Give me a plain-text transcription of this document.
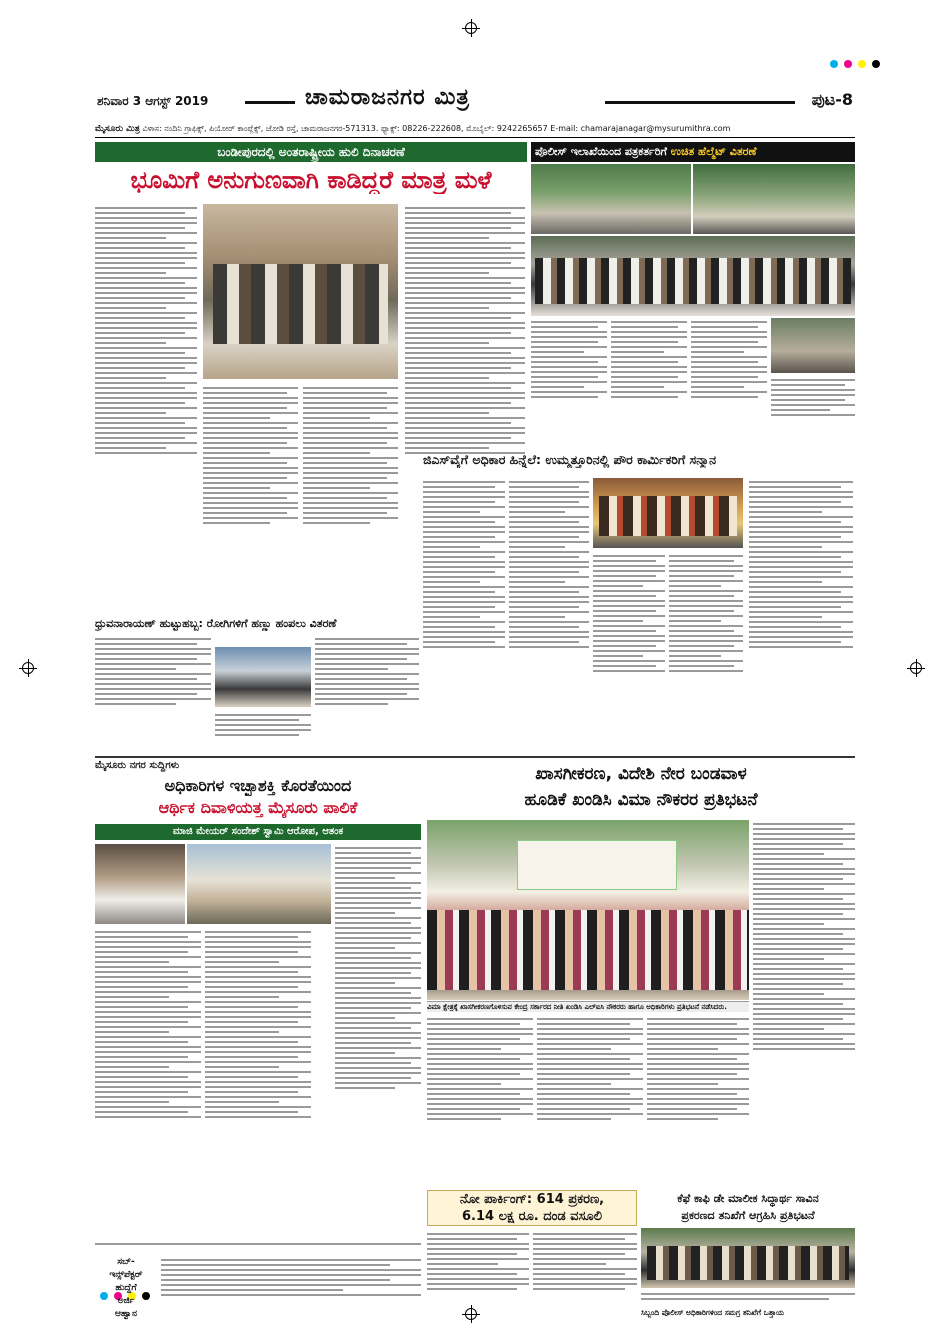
ಶನಿವಾರ 3 ಆಗಸ್ಟ್ 2019	ಚಾಮರಾಜನಗರ ಮಿತ್ರ	ಪುಟ-8
ಮೈಸೂರು ಮಿತ್ರ ವಿಳಾಸ: ನಂದಿನಿ ಗ್ರಾಫಿಕ್ಸ್, ಪಿಯೋರ್ ಕಾಂಪ್ಲೆಕ್ಸ್, ಜೋಡಿ ರಸ್ತೆ, ಚಾಮರಾಜನಗರ-571313. ಫ್ಯಾಕ್ಸ್: 08226-222608, ಮೊಬೈಲ್: 9242265657 E-mail: chamarajanagar@mysurumithra.com
ಬಂಡೀಪುರದಲ್ಲಿ ಅಂತರಾಷ್ಟ್ರೀಯ ಹುಲಿ ದಿನಾಚರಣೆ
ಭೂಮಿಗೆ ಅನುಗುಣವಾಗಿ ಕಾಡಿದ್ದರೆ ಮಾತ್ರ ಮಳೆ
ಪೊಲೀಸ್ ಇಲಾಖೆಯಿಂದ ಪತ್ರಕರ್ತರಿಗೆ ಉಚಿತ ಹೆಲ್ಮೆಟ್ ವಿತರಣೆ
ಜಿಎಸ್‌ವೈಗೆ ಅಧಿಕಾರ ಹಿನ್ನೆಲೆ: ಉಮ್ಮತ್ತೂರಿನಲ್ಲಿ ಪೌರ ಕಾರ್ಮಿಕರಿಗೆ ಸನ್ಮಾನ
ಧ್ರುವನಾರಾಯಣ್ ಹುಟ್ಟುಹಬ್ಬ: ರೋಗಿಗಳಿಗೆ ಹಣ್ಣು ಹಂಪಲು ವಿತರಣೆ
ಮೈಸೂರು ನಗರ ಸುದ್ದಿಗಳು
ಅಧಿಕಾರಿಗಳ ಇಚ್ಛಾಶಕ್ತಿ ಕೊರತೆಯಿಂದ
ಆರ್ಥಿಕ ದಿವಾಳಿಯತ್ತ ಮೈಸೂರು ಪಾಲಿಕೆ
ಮಾಜಿ ಮೇಯರ್ ಸಂದೇಶ್ ಸ್ವಾಮಿ ಆರೋಪ, ಆತಂಕ
ಸಬ್-
ಇನ್ಸ್‌ಪೆಕ್ಟರ್
ಹುದ್ದೆಗೆ
ಅರ್ಜಿ
ಆಹ್ವಾನ
ಖಾಸಗೀಕರಣ, ವಿದೇಶಿ ನೇರ ಬಂಡವಾಳ
ಹೂಡಿಕೆ ಖಂಡಿಸಿ ವಿಮಾ ನೌಕರರ ಪ್ರತಿಭಟನೆ
ವಿಮಾ ಕ್ಷೇತ್ರಕ್ಕೆ ಖಾಸಗೀಕರಣಗೊಳಿಸುವ ಕೇಂದ್ರ ಸರ್ಕಾರದ ನೀತಿ ಖಂಡಿಸಿ ಎಲ್‌ಐಸಿ ನೌಕರರು ಹಾಗೂ ಅಧಿಕಾರಿಗಳು ಪ್ರತಿಭಟನೆ ನಡೆಸಿದರು.
ನೋ ಪಾರ್ಕಿಂಗ್: 614 ಪ್ರಕರಣ,
6.14 ಲಕ್ಷ ರೂ. ದಂಡ ವಸೂಲಿ
ಕೆಫೆ ಕಾಫಿ ಡೇ ಮಾಲೀಕ ಸಿದ್ಧಾರ್ಥ ಸಾವಿನ
ಪ್ರಕರಣದ ತನಿಖೆಗೆ ಆಗ್ರಹಿಸಿ ಪ್ರತಿಭಟನೆ
ಸಿಬ್ಬಂದಿ ಪೊಲೀಸ್ ಅಧಿಕಾರಿಗಳಿಂದ ಸಮಗ್ರ ತನಿಖೆಗೆ ಒತ್ತಾಯ
